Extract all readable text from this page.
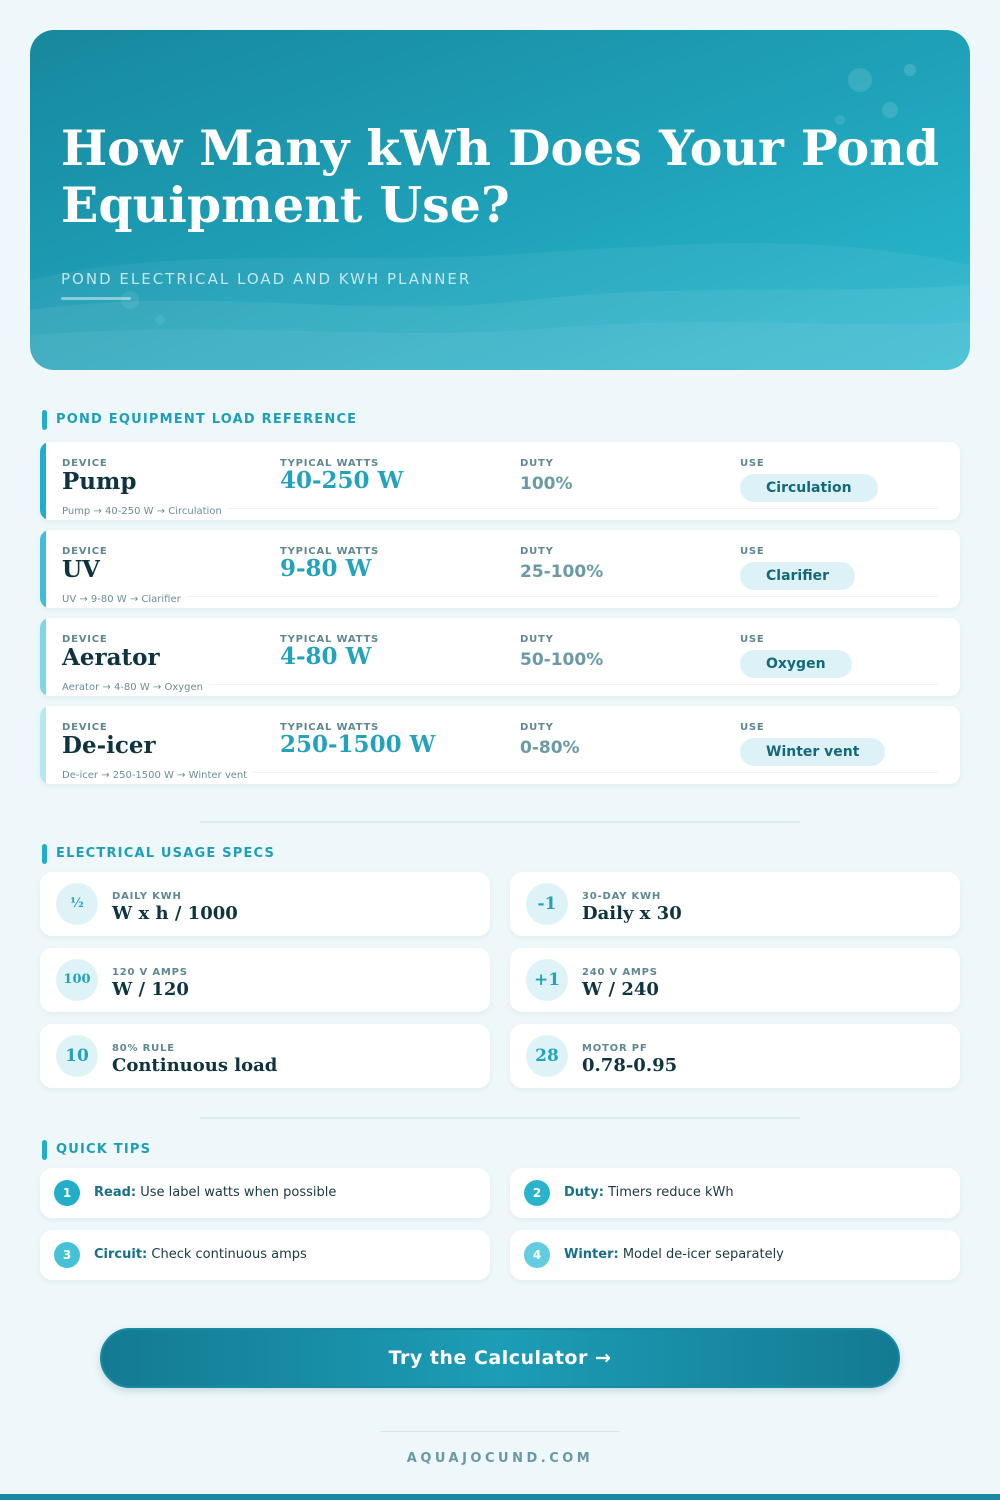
How Many kWh Does Your Pond Equipment Use?
POND ELECTRICAL LOAD AND KWH PLANNER
POND EQUIPMENT LOAD REFERENCE
DEVICE	TYPICAL WATTS	DUTY	USE
Pump	40-250 W	100%	Circulation
Pump → 40-250 W → Circulation
DEVICE	TYPICAL WATTS	DUTY	USE
UV	9-80 W	25-100%	Clarifier
UV → 9-80 W → Clarifier
DEVICE	TYPICAL WATTS	DUTY	USE
Aerator	4-80 W	50-100%	Oxygen
Aerator → 4-80 W → Oxygen
DEVICE	TYPICAL WATTS	DUTY	USE
De-icer	250-1500 W	0-80%	Winter vent
De-icer → 250-1500 W → Winter vent
ELECTRICAL USAGE SPECS
½	DAILY KWH
W x h / 1000	-1	30-DAY KWH
Daily x 30
100	120 V AMPS
W / 120	+1	240 V AMPS
W / 240
10	80% RULE
Continuous load	28	MOTOR PF
0.78-0.95
QUICK TIPS
1	Read: Use label watts when possible	2	Duty: Timers reduce kWh
3	Circuit: Check continuous amps	4	Winter: Model de-icer separately
Try the Calculator →
AQUAJOCUND.COM
